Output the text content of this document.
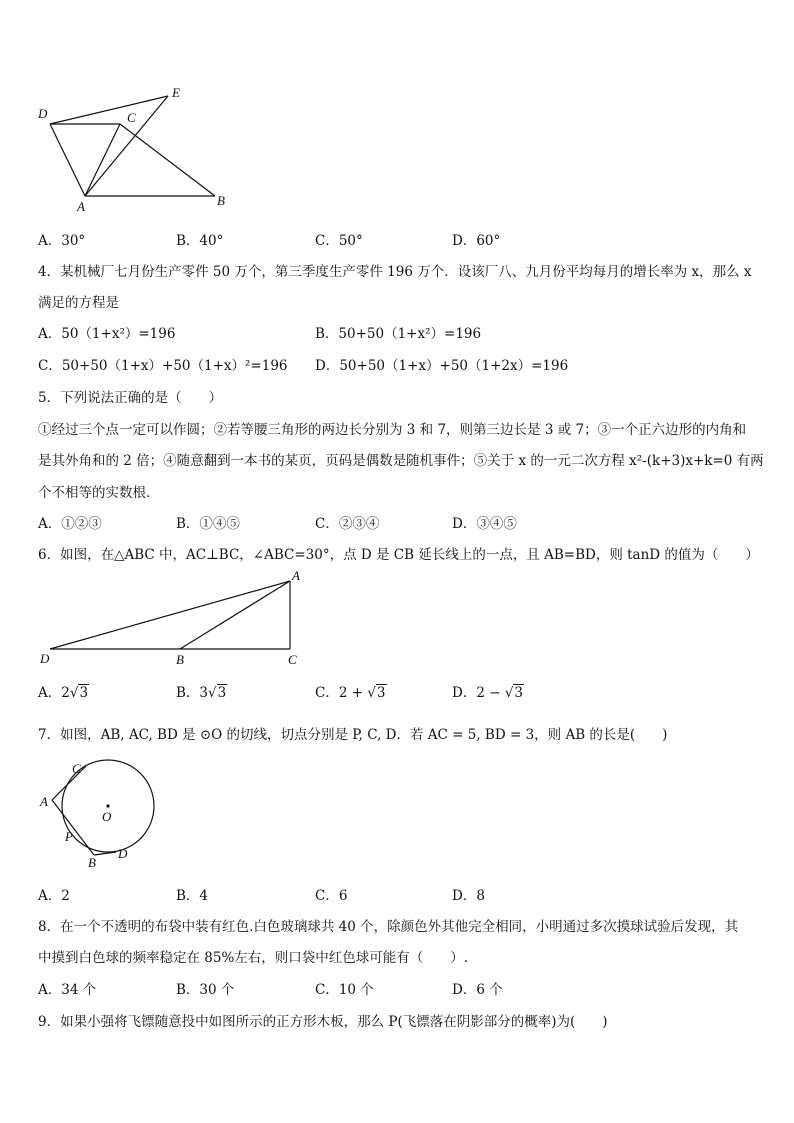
D
E
C
A	B
A．30°	B．40°	C．50°	D．60°
4．某机械厂七月份生产零件 50 万个，第三季度生产零件 196 万个．设该厂八、九月份平均每月的增长率为 x，那么 x
满足的方程是
A．50（1+x²）=196	B．50+50（1+x²）=196
C．50+50（1+x）+50（1+x）²=196 D．50+50（1+x）+50（1+2x）=196
5．下列说法正确的是（　　）
①经过三个点一定可以作圆；②若等腰三角形的两边长分别为 3 和 7，则第三边长是 3 或 7；③一个正六边形的内角和
是其外角和的 2 倍；④随意翻到一本书的某页，页码是偶数是随机事件；⑤关于 x 的一元二次方程 x²-(k+3)x+k=0 有两
个不相等的实数根．
A．①②③	B．①④⑤	C．②③④	D．③④⑤
6．如图，在△ABC 中，AC⊥BC，∠ABC=30°，点 D 是 CB 延长线上的一点，且 AB=BD，则 tanD 的值为（　　）
A
D	B	C
A．2√3	B．3√3	C．2 + √3	D．2 − √3
7．如图，AB, AC, BD 是 ⊙O 的切线，切点分别是 P, C, D．若 AC = 5, BD = 3，则 AB 的长是(　　)
C
A
O
P
B
D
A．2	B．4	C．6	D．8
8．在一个不透明的布袋中装有红色.白色玻璃球共 40 个，除颜色外其他完全相同，小明通过多次摸球试验后发现，其
中摸到白色球的频率稳定在 85%左右，则口袋中红色球可能有（　　）.
A．34 个	B．30 个	C．10 个	D．6 个
9．如果小强将飞镖随意投中如图所示的正方形木板，那么 P(飞镖落在阴影部分的概率)为(　　)
